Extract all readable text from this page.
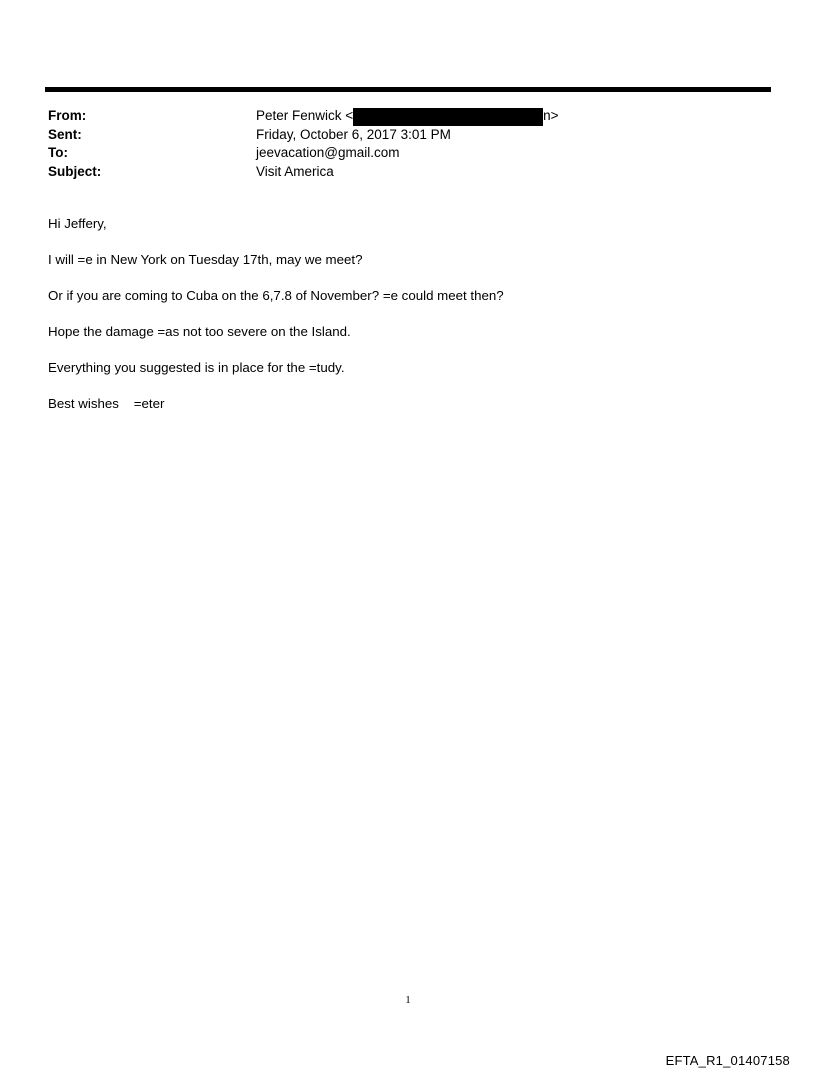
From:	Peter Fenwick <	n>
Sent:	Friday, October 6, 2017 3:01 PM
To:	jeevacation@gmail.com
Subject:	Visit America

Hi Jeffery,

I will =e in New York on Tuesday 17th, may we meet?

Or if you are coming to Cuba on the 6,7.8 of November? =e could meet then?

Hope the damage =as not too severe on the Island.

Everything you suggested is in place for the =tudy.

Best wishes    =eter

1
EFTA_R1_01407158
